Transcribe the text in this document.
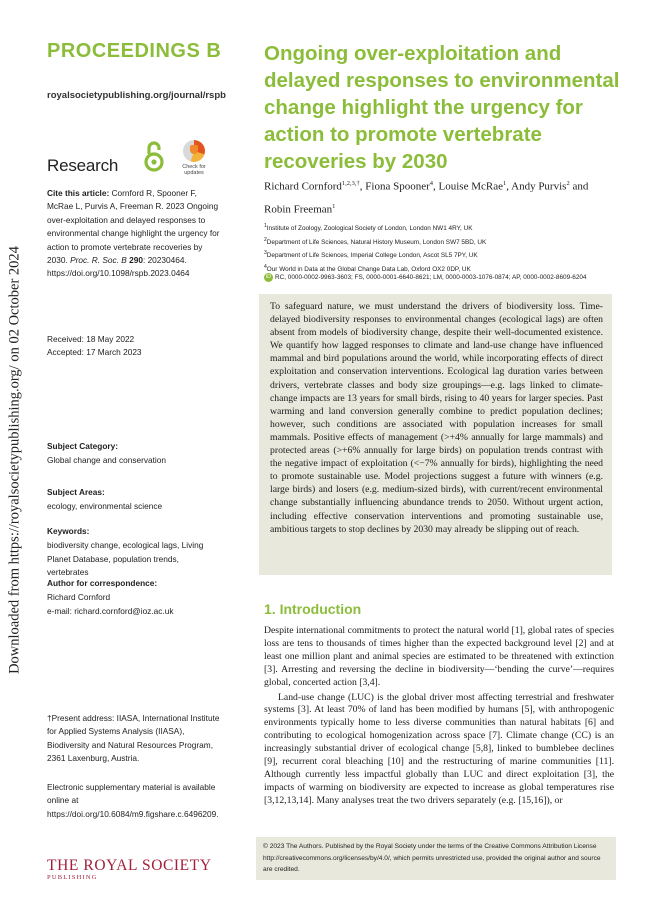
Downloaded from https://royalsocietypublishing.org/ on 02 October 2024
PROCEEDINGS B
royalsocietypublishing.org/journal/rspb
Research	Check for updates
Cite this article: Cornford R, Spooner F, McRae L, Purvis A, Freeman R. 2023 Ongoing over-exploitation and delayed responses to environmental change highlight the urgency for action to promote vertebrate recoveries by 2030. Proc. R. Soc. B 290: 20230464. https://doi.org/10.1098/rspb.2023.0464
Received: 18 May 2022
Accepted: 17 March 2023
Subject Category:
Global change and conservation
Subject Areas:
ecology, environmental science
Keywords:
biodiversity change, ecological lags, Living Planet Database, population trends, vertebrates
Author for correspondence:
Richard Cornford
e-mail: richard.cornford@ioz.ac.uk
†Present address: IIASA, International Institute for Applied Systems Analysis (IIASA), Biodiversity and Natural Resources Program, 2361 Laxenburg, Austria.
Electronic supplementary material is available online at https://doi.org/10.6084/m9.figshare.c.6496209.
THE ROYAL SOCIETY
PUBLISHING
Ongoing over-exploitation and delayed responses to environmental change highlight the urgency for action to promote vertebrate recoveries by 2030
Richard Cornford$^{1,2,3,\dagger}$, Fiona Spooner$^4$, Louise McRae$^1$, Andy Purvis$^2$ and Robin Freeman$^1$
$^1$Institute of Zoology, Zoological Society of London, London NW1 4RY, UK
$^2$Department of Life Sciences, Natural History Museum, London SW7 5BD, UK
$^3$Department of Life Sciences, Imperial College London, Ascot SL5 7PY, UK
$^4$Our World in Data at the Global Change Data Lab, Oxford OX2 0DP, UK
iD RC, 0000-0002-9963-3603; FS, 0000-0001-6640-8621; LM, 0000-0003-1076-0874; AP, 0000-0002-8609-6204
To safeguard nature, we must understand the drivers of biodiversity loss. Time-delayed biodiversity responses to environmental changes (ecological lags) are often absent from models of biodiversity change, despite their well-documented existence. We quantify how lagged responses to climate and land-use change have influenced mammal and bird populations around the world, while incorporating effects of direct exploitation and conservation interventions. Ecological lag duration varies between drivers, vertebrate classes and body size groupings—e.g. lags linked to climate-change impacts are 13 years for small birds, rising to 40 years for larger species. Past warming and land conversion generally combine to predict population declines; however, such conditions are associated with population increases for small mammals. Positive effects of management (>+4% annually for large mammals) and protected areas (>+6% annually for large birds) on population trends contrast with the negative impact of exploitation (<−7% annually for birds), highlighting the need to promote sustainable use. Model projections suggest a future with winners (e.g. large birds) and losers (e.g. medium-sized birds), with current/recent environmental change substantially influencing abundance trends to 2050. Without urgent action, including effective conservation interventions and promoting sustainable use, ambitious targets to stop declines by 2030 may already be slipping out of reach.
1. Introduction

Despite international commitments to protect the natural world [1], global rates of species loss are tens to thousands of times higher than the expected background level [2] and at least one million plant and animal species are estimated to be threatened with extinction [3]. Arresting and reversing the decline in biodiversity—‘bending the curve’—requires global, concerted action [3,4].

Land-use change (LUC) is the global driver most affecting terrestrial and freshwater systems [3]. At least 70% of land has been modified by humans [5], with anthropogenic environments typically home to less diverse communities than natural habitats [6] and contributing to ecological homogenization across space [7]. Climate change (CC) is an increasingly substantial driver of ecological change [5,8], linked to bumblebee declines [9], recurrent coral bleaching [10] and the restructuring of marine communities [11]. Although currently less impactful globally than LUC and direct exploitation [3], the impacts of warming on biodiversity are expected to increase as global temperatures rise [3,12,13,14]. Many analyses treat the two drivers separately (e.g. [15,16]), or

© 2023 The Authors. Published by the Royal Society under the terms of the Creative Commons Attribution License http://creativecommons.org/licenses/by/4.0/, which permits unrestricted use, provided the original author and source are credited.
